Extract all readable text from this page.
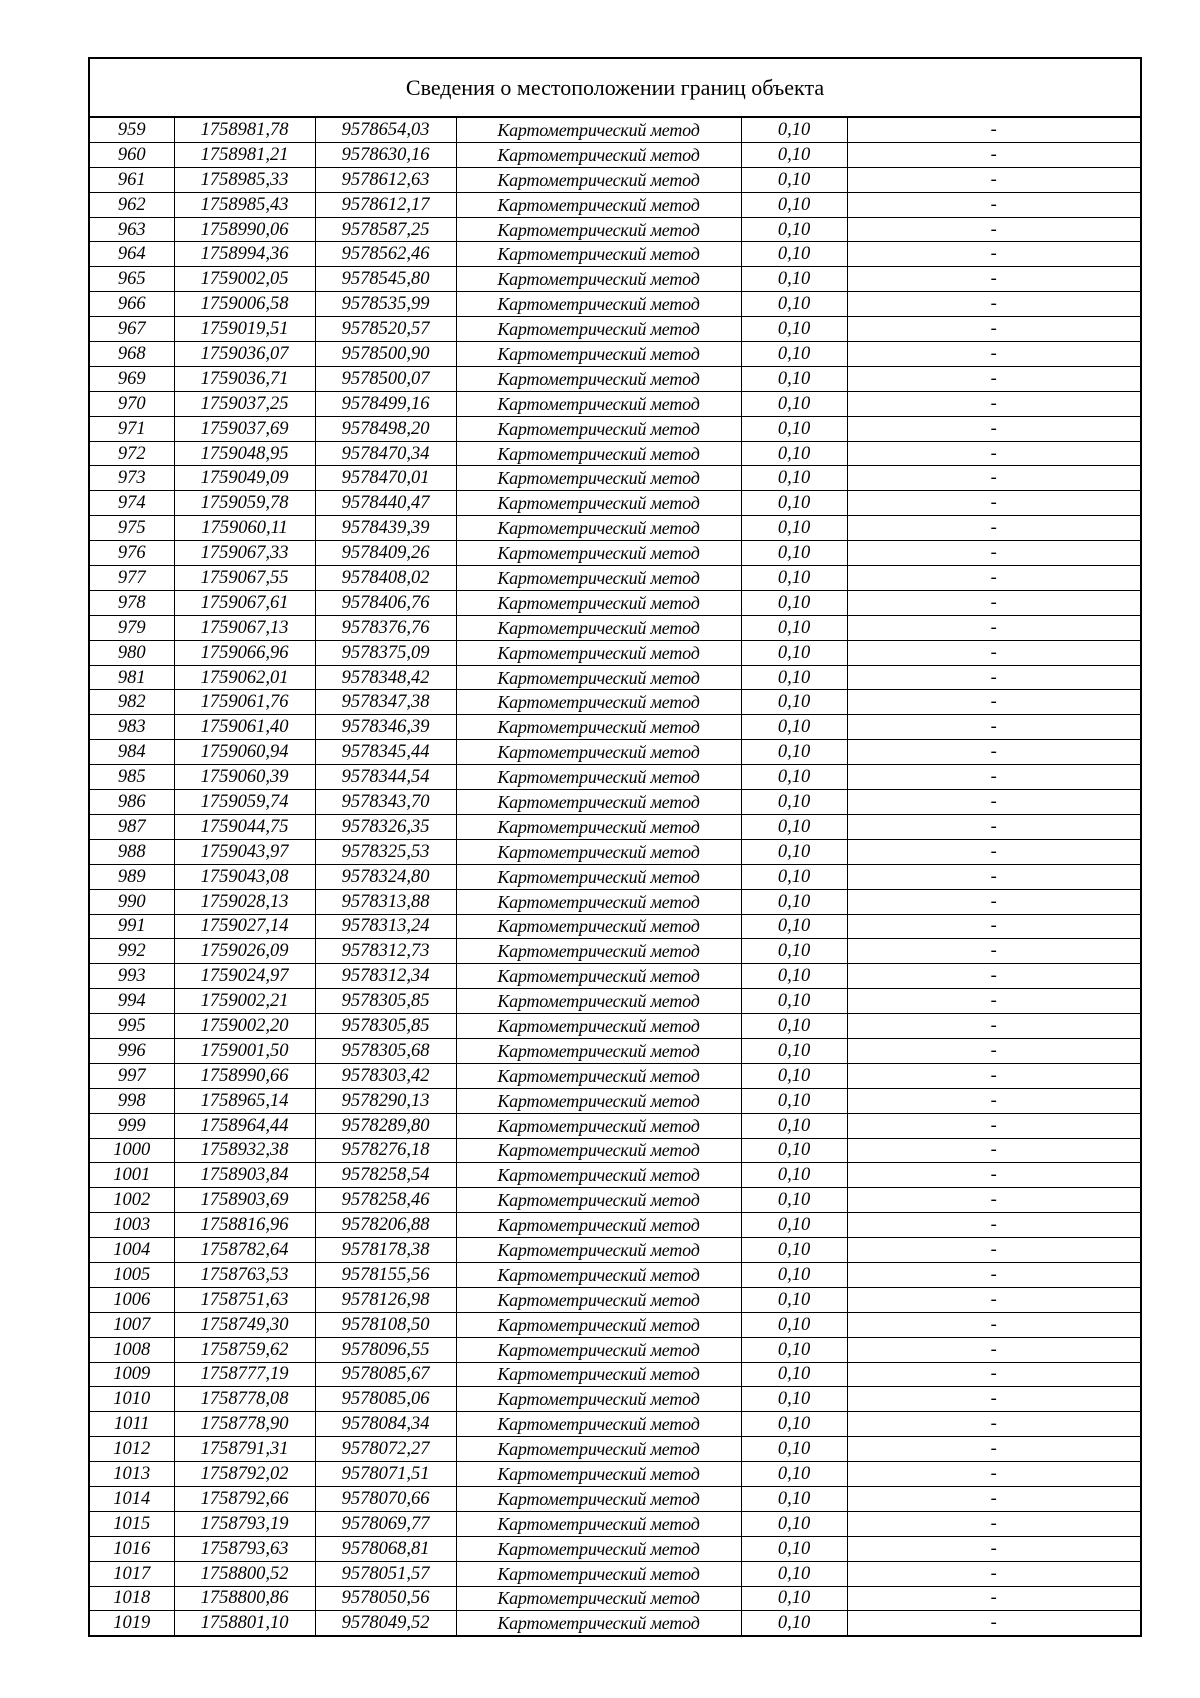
Сведения о местоположении границ объекта
959	1758981,78	9578654,03	Картометрический метод	0,10	-
960	1758981,21	9578630,16	Картометрический метод	0,10	-
961	1758985,33	9578612,63	Картометрический метод	0,10	-
962	1758985,43	9578612,17	Картометрический метод	0,10	-
963	1758990,06	9578587,25	Картометрический метод	0,10	-
964	1758994,36	9578562,46	Картометрический метод	0,10	-
965	1759002,05	9578545,80	Картометрический метод	0,10	-
966	1759006,58	9578535,99	Картометрический метод	0,10	-
967	1759019,51	9578520,57	Картометрический метод	0,10	-
968	1759036,07	9578500,90	Картометрический метод	0,10	-
969	1759036,71	9578500,07	Картометрический метод	0,10	-
970	1759037,25	9578499,16	Картометрический метод	0,10	-
971	1759037,69	9578498,20	Картометрический метод	0,10	-
972	1759048,95	9578470,34	Картометрический метод	0,10	-
973	1759049,09	9578470,01	Картометрический метод	0,10	-
974	1759059,78	9578440,47	Картометрический метод	0,10	-
975	1759060,11	9578439,39	Картометрический метод	0,10	-
976	1759067,33	9578409,26	Картометрический метод	0,10	-
977	1759067,55	9578408,02	Картометрический метод	0,10	-
978	1759067,61	9578406,76	Картометрический метод	0,10	-
979	1759067,13	9578376,76	Картометрический метод	0,10	-
980	1759066,96	9578375,09	Картометрический метод	0,10	-
981	1759062,01	9578348,42	Картометрический метод	0,10	-
982	1759061,76	9578347,38	Картометрический метод	0,10	-
983	1759061,40	9578346,39	Картометрический метод	0,10	-
984	1759060,94	9578345,44	Картометрический метод	0,10	-
985	1759060,39	9578344,54	Картометрический метод	0,10	-
986	1759059,74	9578343,70	Картометрический метод	0,10	-
987	1759044,75	9578326,35	Картометрический метод	0,10	-
988	1759043,97	9578325,53	Картометрический метод	0,10	-
989	1759043,08	9578324,80	Картометрический метод	0,10	-
990	1759028,13	9578313,88	Картометрический метод	0,10	-
991	1759027,14	9578313,24	Картометрический метод	0,10	-
992	1759026,09	9578312,73	Картометрический метод	0,10	-
993	1759024,97	9578312,34	Картометрический метод	0,10	-
994	1759002,21	9578305,85	Картометрический метод	0,10	-
995	1759002,20	9578305,85	Картометрический метод	0,10	-
996	1759001,50	9578305,68	Картометрический метод	0,10	-
997	1758990,66	9578303,42	Картометрический метод	0,10	-
998	1758965,14	9578290,13	Картометрический метод	0,10	-
999	1758964,44	9578289,80	Картометрический метод	0,10	-
1000	1758932,38	9578276,18	Картометрический метод	0,10	-
1001	1758903,84	9578258,54	Картометрический метод	0,10	-
1002	1758903,69	9578258,46	Картометрический метод	0,10	-
1003	1758816,96	9578206,88	Картометрический метод	0,10	-
1004	1758782,64	9578178,38	Картометрический метод	0,10	-
1005	1758763,53	9578155,56	Картометрический метод	0,10	-
1006	1758751,63	9578126,98	Картометрический метод	0,10	-
1007	1758749,30	9578108,50	Картометрический метод	0,10	-
1008	1758759,62	9578096,55	Картометрический метод	0,10	-
1009	1758777,19	9578085,67	Картометрический метод	0,10	-
1010	1758778,08	9578085,06	Картометрический метод	0,10	-
1011	1758778,90	9578084,34	Картометрический метод	0,10	-
1012	1758791,31	9578072,27	Картометрический метод	0,10	-
1013	1758792,02	9578071,51	Картометрический метод	0,10	-
1014	1758792,66	9578070,66	Картометрический метод	0,10	-
1015	1758793,19	9578069,77	Картометрический метод	0,10	-
1016	1758793,63	9578068,81	Картометрический метод	0,10	-
1017	1758800,52	9578051,57	Картометрический метод	0,10	-
1018	1758800,86	9578050,56	Картометрический метод	0,10	-
1019	1758801,10	9578049,52	Картометрический метод	0,10	-
